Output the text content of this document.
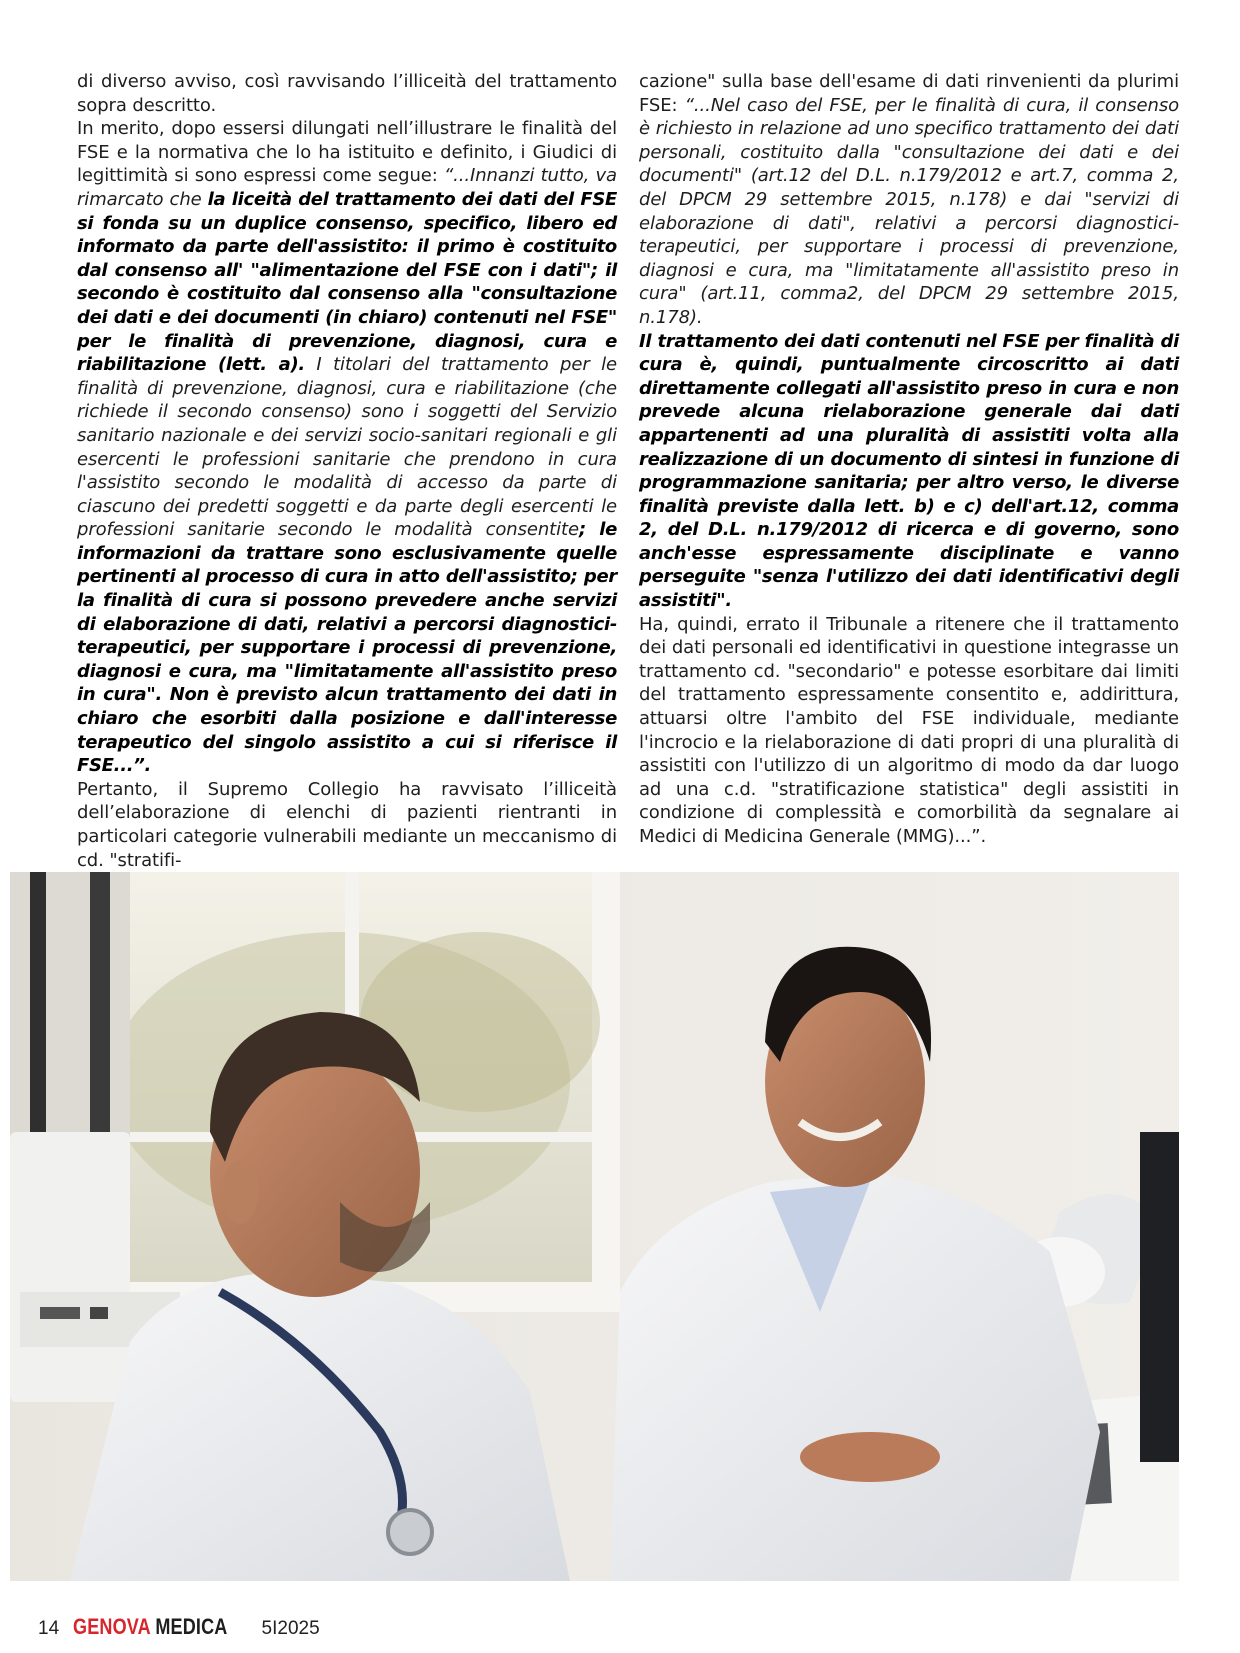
di diverso avviso, così ravvisando l’illiceità del trattamento sopra descritto.

In merito, dopo essersi dilungati nell’illustrare le finalità del FSE e la normativa che lo ha istituito e definito, i Giudici di legittimità si sono espressi come segue: “...Innanzi tutto, va rimarcato che la liceità del trattamento dei dati del FSE si fonda su un duplice consenso, specifico, libero ed informato da parte dell'assistito: il primo è costituito dal consenso all' "alimentazione del FSE con i dati"; il secondo è costituito dal consenso alla "consultazione dei dati e dei documenti (in chiaro) contenuti nel FSE" per le finalità di prevenzione, diagnosi, cura e riabilitazione (lett. a). I titolari del trattamento per le finalità di prevenzione, diagnosi, cura e riabilitazione (che richiede il secondo consenso) sono i soggetti del Servizio sanitario nazionale e dei servizi socio-sanitari regionali e gli esercenti le professioni sanitarie che prendono in cura l'assistito secondo le modalità di accesso da parte di ciascuno dei predetti soggetti e da parte degli esercenti le professioni sanitarie secondo le modalità consentite; le informazioni da trattare sono esclusivamente quelle pertinenti al processo di cura in atto dell'assistito; per la finalità di cura si possono prevedere anche servizi di elaborazione di dati, relativi a percorsi diagnostici-terapeutici, per supportare i processi di prevenzione, diagnosi e cura, ma "limitatamente all'assistito preso in cura". Non è previsto alcun trattamento dei dati in chiaro che esorbiti dalla posizione e dall'interesse terapeutico del singolo assistito a cui si riferisce il FSE...”.

Pertanto, il Supremo Collegio ha ravvisato l’illiceità dell’elaborazione di elenchi di pazienti rientranti in particolari categorie vulnerabili mediante un meccanismo di cd. "stratifi-

cazione" sulla base dell'esame di dati rinvenienti da plurimi FSE: “...Nel caso del FSE, per le finalità di cura, il consenso è richiesto in relazione ad uno specifico trattamento dei dati personali, costituito dalla "consultazione dei dati e dei documenti" (art.12 del D.L. n.179/2012 e art.7, comma 2, del DPCM 29 settembre 2015, n.178) e dai "servizi di elaborazione di dati", relativi a percorsi diagnostici-terapeutici, per supportare i processi di prevenzione, diagnosi e cura, ma "limitatamente all'assistito preso in cura" (art.11, comma2, del DPCM 29 settembre 2015, n.178).

Il trattamento dei dati contenuti nel FSE per finalità di cura è, quindi, puntualmente circoscritto ai dati direttamente collegati all'assistito preso in cura e non prevede alcuna rielaborazione generale dai dati appartenenti ad una pluralità di assistiti volta alla realizzazione di un documento di sintesi in funzione di programmazione sanitaria; per altro verso, le diverse finalità previste dalla lett. b) e c) dell'art.12, comma 2, del D.L. n.179/2012 di ricerca e di governo, sono anch'esse espressamente disciplinate e vanno perseguite "senza l'utilizzo dei dati identificativi degli assistiti".

Ha, quindi, errato il Tribunale a ritenere che il trattamento dei dati personali ed identificativi in questione integrasse un trattamento cd. "secondario" e potesse esorbitare dai limiti del trattamento espressamente consentito e, addirittura, attuarsi oltre l'ambito del FSE individuale, mediante l'incrocio e la rielaborazione di dati propri di una pluralità di assistiti con l'utilizzo di un algoritmo di modo da dar luogo ad una c.d. "stratificazione statistica" degli assistiti in condizione di complessità e comorbilità da segnalare ai Medici di Medicina Generale (MMG)...”.

14 GENOVA MEDICA 5I2025
